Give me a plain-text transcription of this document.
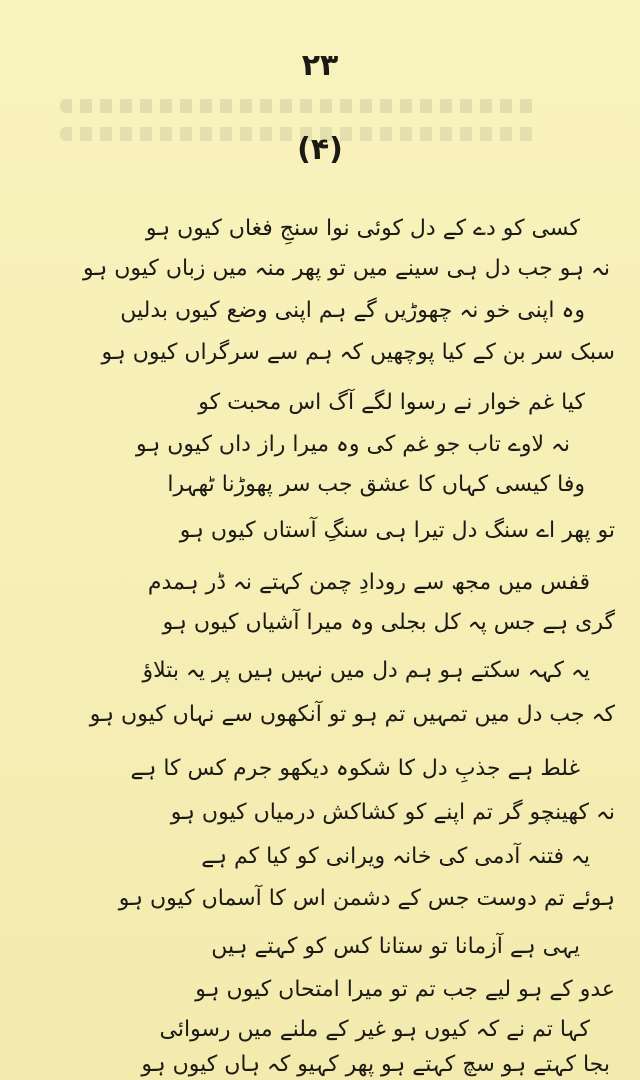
۲۳
(۴)
کسی کو دے کے دل کوئی نوا سنجِ فغاں کیوں ہو
نہ ہو جب دل ہی سینے میں تو پھر منہ میں زباں کیوں ہو
وہ اپنی خو نہ چھوڑیں گے ہم اپنی وضع کیوں بدلیں
سبک سر بن کے کیا پوچھیں کہ ہم سے سرگراں کیوں ہو
کیا غم خوار نے رسوا لگے آگ اس محبت کو
نہ لاوے تاب جو غم کی وہ میرا راز داں کیوں ہو
وفا کیسی کہاں کا عشق جب سر پھوڑنا ٹھہرا
تو پھر اے سنگ دل تیرا ہی سنگِ آستاں کیوں ہو
قفس میں مجھ سے رودادِ چمن کہتے نہ ڈر ہمدم
گری ہے جس پہ کل بجلی وہ میرا آشیاں کیوں ہو
یہ کہہ سکتے ہو ہم دل میں نہیں ہیں پر یہ بتلاؤ
کہ جب دل میں تمہیں تم ہو تو آنکھوں سے نہاں کیوں ہو
غلط ہے جذبِ دل کا شکوہ دیکھو جرم کس کا ہے
نہ کھینچو گر تم اپنے کو کشاکش درمیاں کیوں ہو
یہ فتنہ آدمی کی خانہ ویرانی کو کیا کم ہے
ہوئے تم دوست جس کے دشمن اس کا آسماں کیوں ہو
یہی ہے آزمانا تو ستانا کس کو کہتے ہیں
عدو کے ہو لیے جب تم تو میرا امتحاں کیوں ہو
کہا تم نے کہ کیوں ہو غیر کے ملنے میں رسوائی
بجا کہتے ہو سچ کہتے ہو پھر کہیو کہ ہاں کیوں ہو
